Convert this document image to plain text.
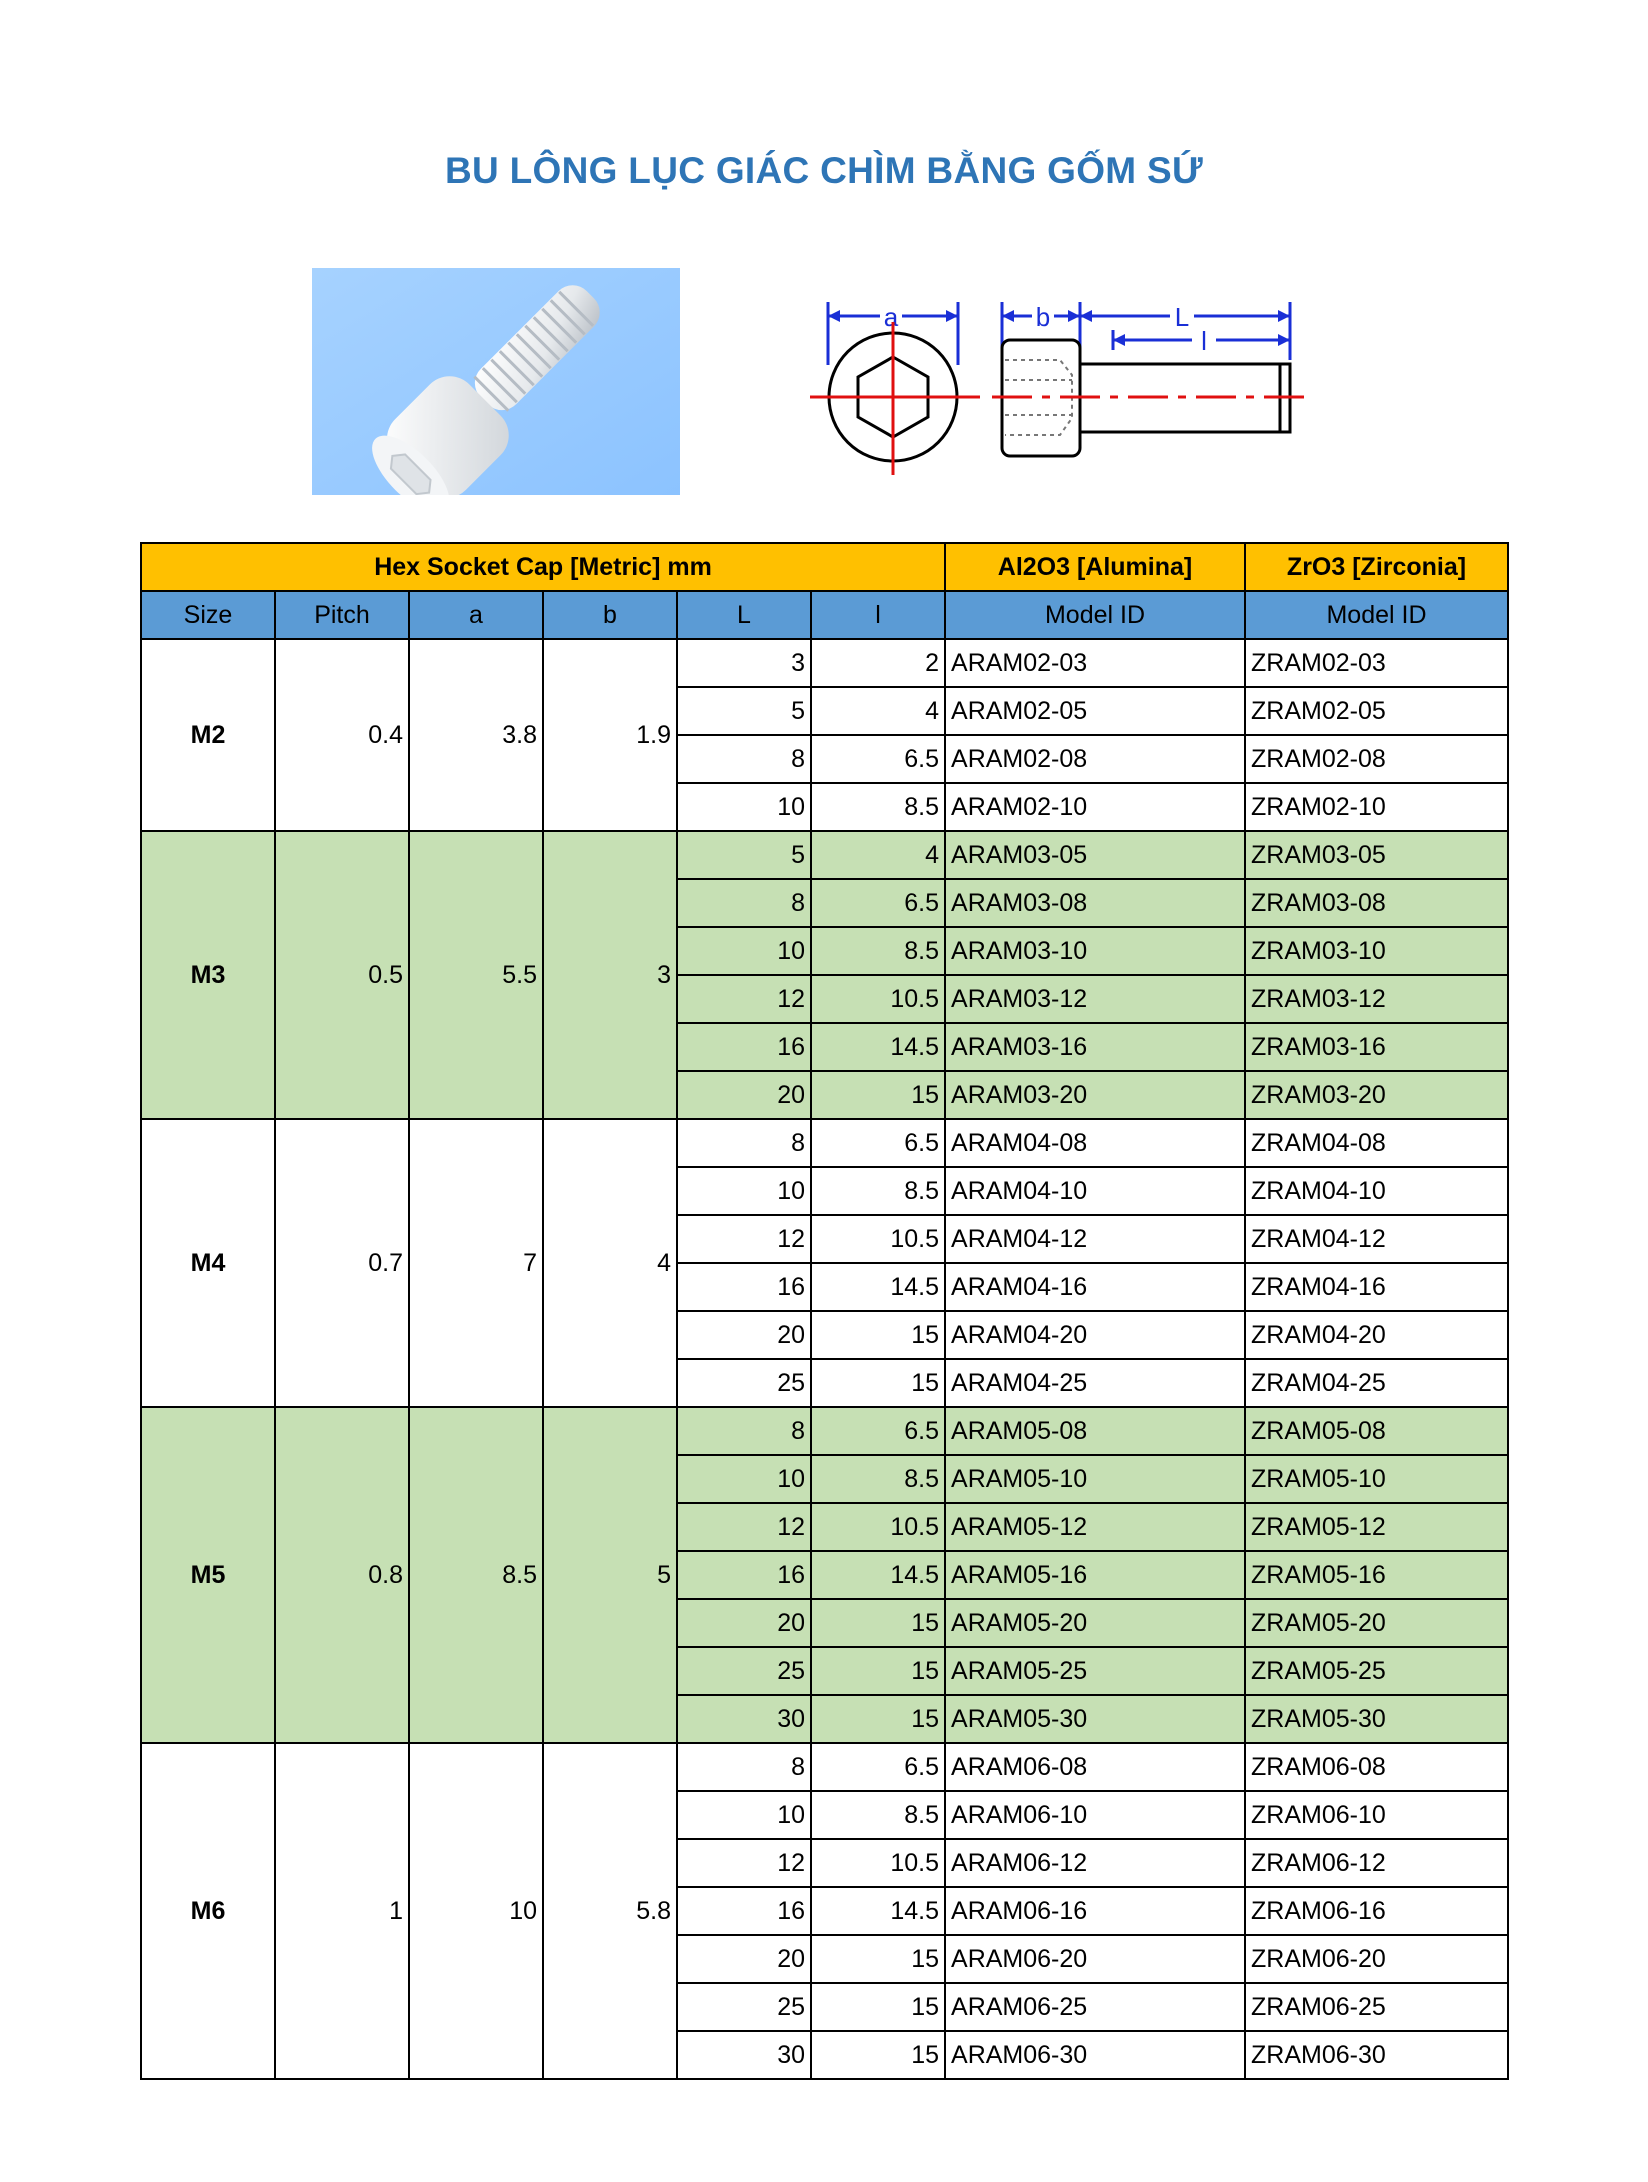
BU LÔNG LỤC GIÁC CHÌM BẰNG GỐM SỨ
a	b	L
l
Hex Socket Cap [Metric] mm						Al2O3 [Alumina]	ZrO3 [Zirconia]
Size	Pitch	a	b	L	l	Model ID	Model ID
M2	0.4	3.8	1.9	3	2	ARAM02-03	ZRAM02-03
				5	4	ARAM02-05	ZRAM02-05
				8	6.5	ARAM02-08	ZRAM02-08
				10	8.5	ARAM02-10	ZRAM02-10
M3	0.5	5.5	3	5	4	ARAM03-05	ZRAM03-05
				8	6.5	ARAM03-08	ZRAM03-08
				10	8.5	ARAM03-10	ZRAM03-10
				12	10.5	ARAM03-12	ZRAM03-12
				16	14.5	ARAM03-16	ZRAM03-16
				20	15	ARAM03-20	ZRAM03-20
M4	0.7	7	4	8	6.5	ARAM04-08	ZRAM04-08
				10	8.5	ARAM04-10	ZRAM04-10
				12	10.5	ARAM04-12	ZRAM04-12
				16	14.5	ARAM04-16	ZRAM04-16
				20	15	ARAM04-20	ZRAM04-20
				25	15	ARAM04-25	ZRAM04-25
M5	0.8	8.5	5	8	6.5	ARAM05-08	ZRAM05-08
				10	8.5	ARAM05-10	ZRAM05-10
				12	10.5	ARAM05-12	ZRAM05-12
				16	14.5	ARAM05-16	ZRAM05-16
				20	15	ARAM05-20	ZRAM05-20
				25	15	ARAM05-25	ZRAM05-25
				30	15	ARAM05-30	ZRAM05-30
M6	1	10	5.8	8	6.5	ARAM06-08	ZRAM06-08
				10	8.5	ARAM06-10	ZRAM06-10
				12	10.5	ARAM06-12	ZRAM06-12
				16	14.5	ARAM06-16	ZRAM06-16
				20	15	ARAM06-20	ZRAM06-20
				25	15	ARAM06-25	ZRAM06-25
				30	15	ARAM06-30	ZRAM06-30
